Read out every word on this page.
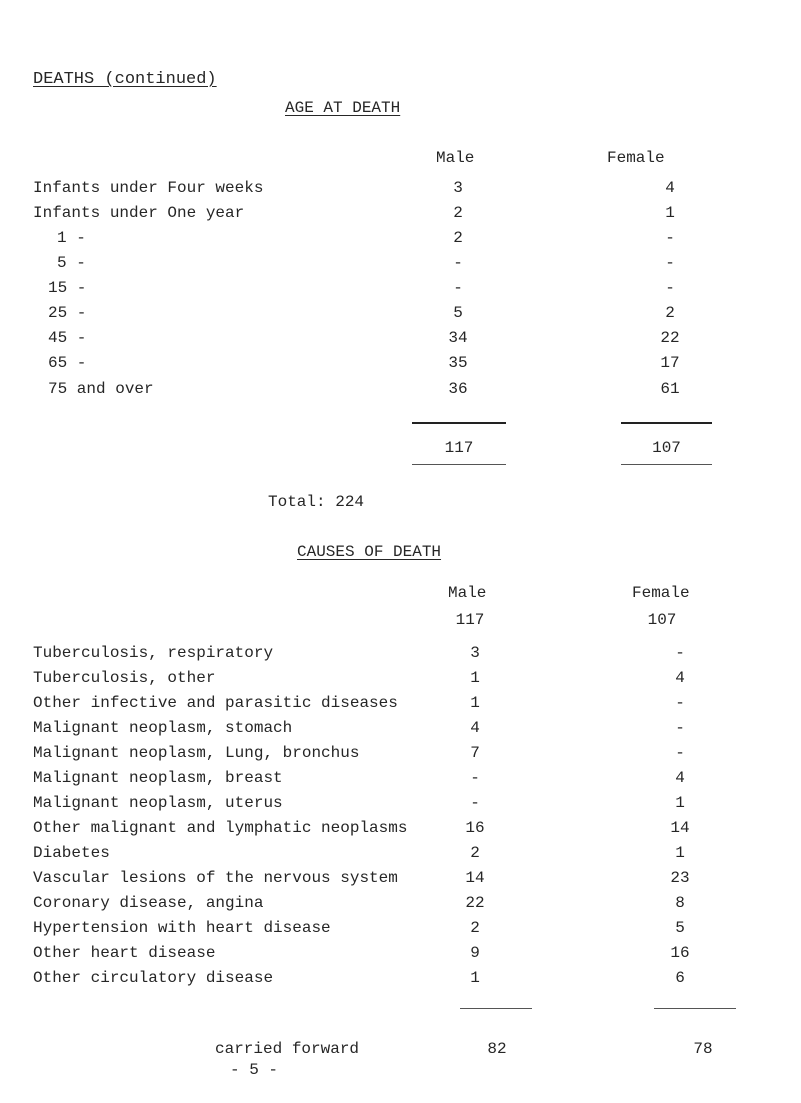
DEATHS (continued)
AGE AT DEATH
Male	Female
Infants under Four weeks	3	4
Infants under One year	2	1
1 -	2	-
5 -	-	-
15 -	-	-
25 -	5	2
45 -	34	22
65 -	35	17
75 and over	36	61
117	107
Total: 224
CAUSES OF DEATH
Male	Female
117	107
Tuberculosis, respiratory	3	-
Tuberculosis, other	1	4
Other infective and parasitic diseases	1	-
Malignant neoplasm, stomach	4	-
Malignant neoplasm, Lung, bronchus	7	-
Malignant neoplasm, breast	-	4
Malignant neoplasm, uterus	-	1
Other malignant and lymphatic neoplasms	16	14
Diabetes	2	1
Vascular lesions of the nervous system	14	23
Coronary disease, angina	22	8
Hypertension with heart disease	2	5
Other heart disease	9	16
Other circulatory disease	1	6
carried forward	82	78
- 5 -
